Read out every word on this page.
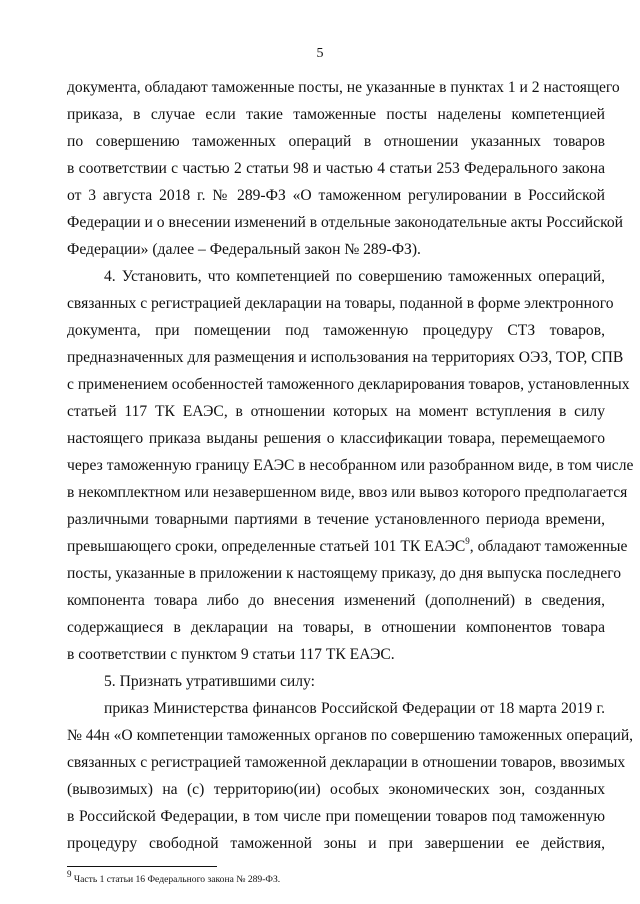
5
документа, обладают таможенные посты, не указанные в пунктах 1 и 2 настоящего
приказа, в случае если такие таможенные посты наделены компетенцией
по совершению таможенных операций в отношении указанных товаров
в соответствии с частью 2 статьи 98 и частью 4 статьи 253 Федерального закона
от 3 августа 2018 г. № 289-ФЗ «О таможенном регулировании в Российской
Федерации и о внесении изменений в отдельные законодательные акты Российской
Федерации» (далее – Федеральный закон № 289-ФЗ).
4. Установить, что компетенцией по совершению таможенных операций,
связанных с регистрацией декларации на товары, поданной в форме электронного
документа, при помещении под таможенную процедуру СТЗ товаров,
предназначенных для размещения и использования на территориях ОЭЗ, ТОР, СПВ
с применением особенностей таможенного декларирования товаров, установленных
статьей 117 ТК ЕАЭС, в отношении которых на момент вступления в силу
настоящего приказа выданы решения о классификации товара, перемещаемого
через таможенную границу ЕАЭС в несобранном или разобранном виде, в том числе
в некомплектном или незавершенном виде, ввоз или вывоз которого предполагается
различными товарными партиями в течение установленного периода времени,
превышающего сроки, определенные статьей 101 ТК ЕАЭС$^9$, обладают таможенные
посты, указанные в приложении к настоящему приказу, до дня выпуска последнего
компонента товара либо до внесения изменений (дополнений) в сведения,
содержащиеся в декларации на товары, в отношении компонентов товара
в соответствии с пунктом 9 статьи 117 ТК ЕАЭС.
5. Признать утратившими силу:
приказ Министерства финансов Российской Федерации от 18 марта 2019 г.
№ 44н «О компетенции таможенных органов по совершению таможенных операций,
связанных с регистрацией таможенной декларации в отношении товаров, ввозимых
(вывозимых) на (с) территорию(ии) особых экономических зон, созданных
в Российской Федерации, в том числе при помещении товаров под таможенную
процедуру свободной таможенной зоны и при завершении ее действия,
$^9$ Часть 1 статьи 16 Федерального закона № 289-ФЗ.
